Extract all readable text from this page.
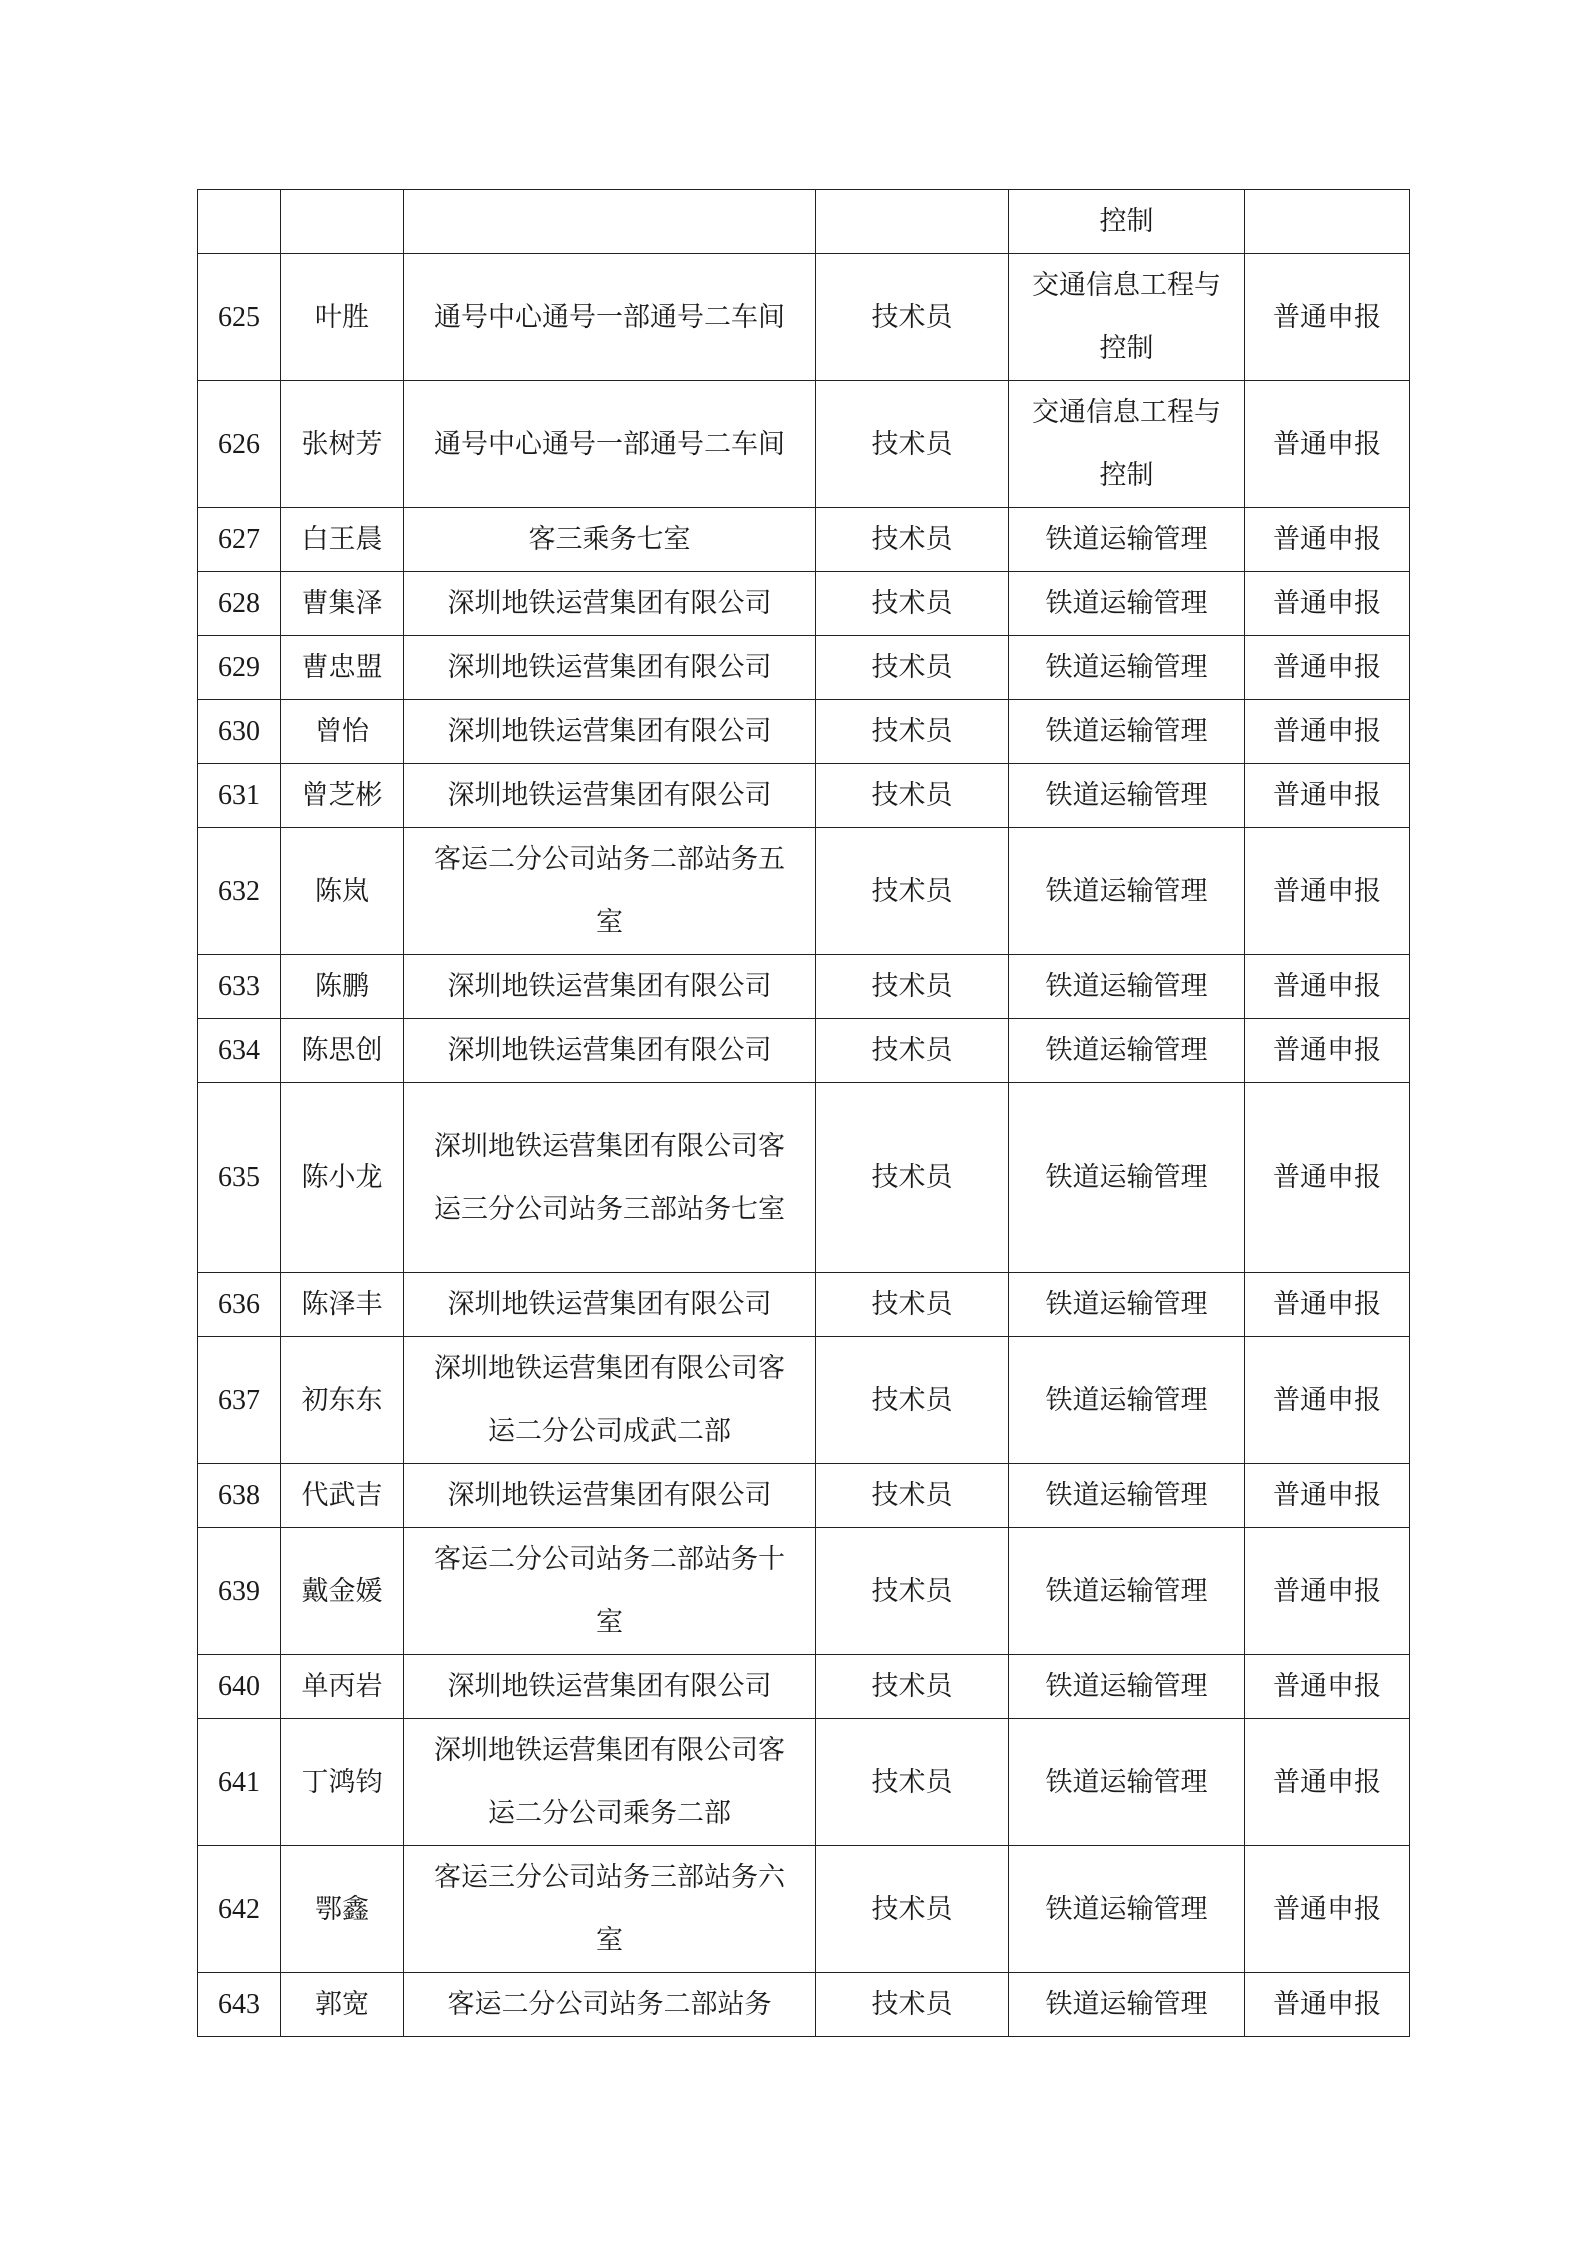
				控制	
625	叶胜	通号中心通号一部通号二车间	技术员	交通信息工程与控制	普通申报
626	张树芳	通号中心通号一部通号二车间	技术员	交通信息工程与控制	普通申报
627	白王晨	客三乘务七室	技术员	铁道运输管理	普通申报
628	曹集泽	深圳地铁运营集团有限公司	技术员	铁道运输管理	普通申报
629	曹忠盟	深圳地铁运营集团有限公司	技术员	铁道运输管理	普通申报
630	曾怡	深圳地铁运营集团有限公司	技术员	铁道运输管理	普通申报
631	曾芝彬	深圳地铁运营集团有限公司	技术员	铁道运输管理	普通申报
632	陈岚	客运二分公司站务二部站务五室	技术员	铁道运输管理	普通申报
633	陈鹏	深圳地铁运营集团有限公司	技术员	铁道运输管理	普通申报
634	陈思创	深圳地铁运营集团有限公司	技术员	铁道运输管理	普通申报
635	陈小龙	深圳地铁运营集团有限公司客运三分公司站务三部站务七室	技术员	铁道运输管理	普通申报
636	陈泽丰	深圳地铁运营集团有限公司	技术员	铁道运输管理	普通申报
637	初东东	深圳地铁运营集团有限公司客运二分公司成武二部	技术员	铁道运输管理	普通申报
638	代武吉	深圳地铁运营集团有限公司	技术员	铁道运输管理	普通申报
639	戴金媛	客运二分公司站务二部站务十室	技术员	铁道运输管理	普通申报
640	单丙岩	深圳地铁运营集团有限公司	技术员	铁道运输管理	普通申报
641	丁鸿钧	深圳地铁运营集团有限公司客运二分公司乘务二部	技术员	铁道运输管理	普通申报
642	鄂鑫	客运三分公司站务三部站务六室	技术员	铁道运输管理	普通申报
643	郭宽	客运二分公司站务二部站务	技术员	铁道运输管理	普通申报
